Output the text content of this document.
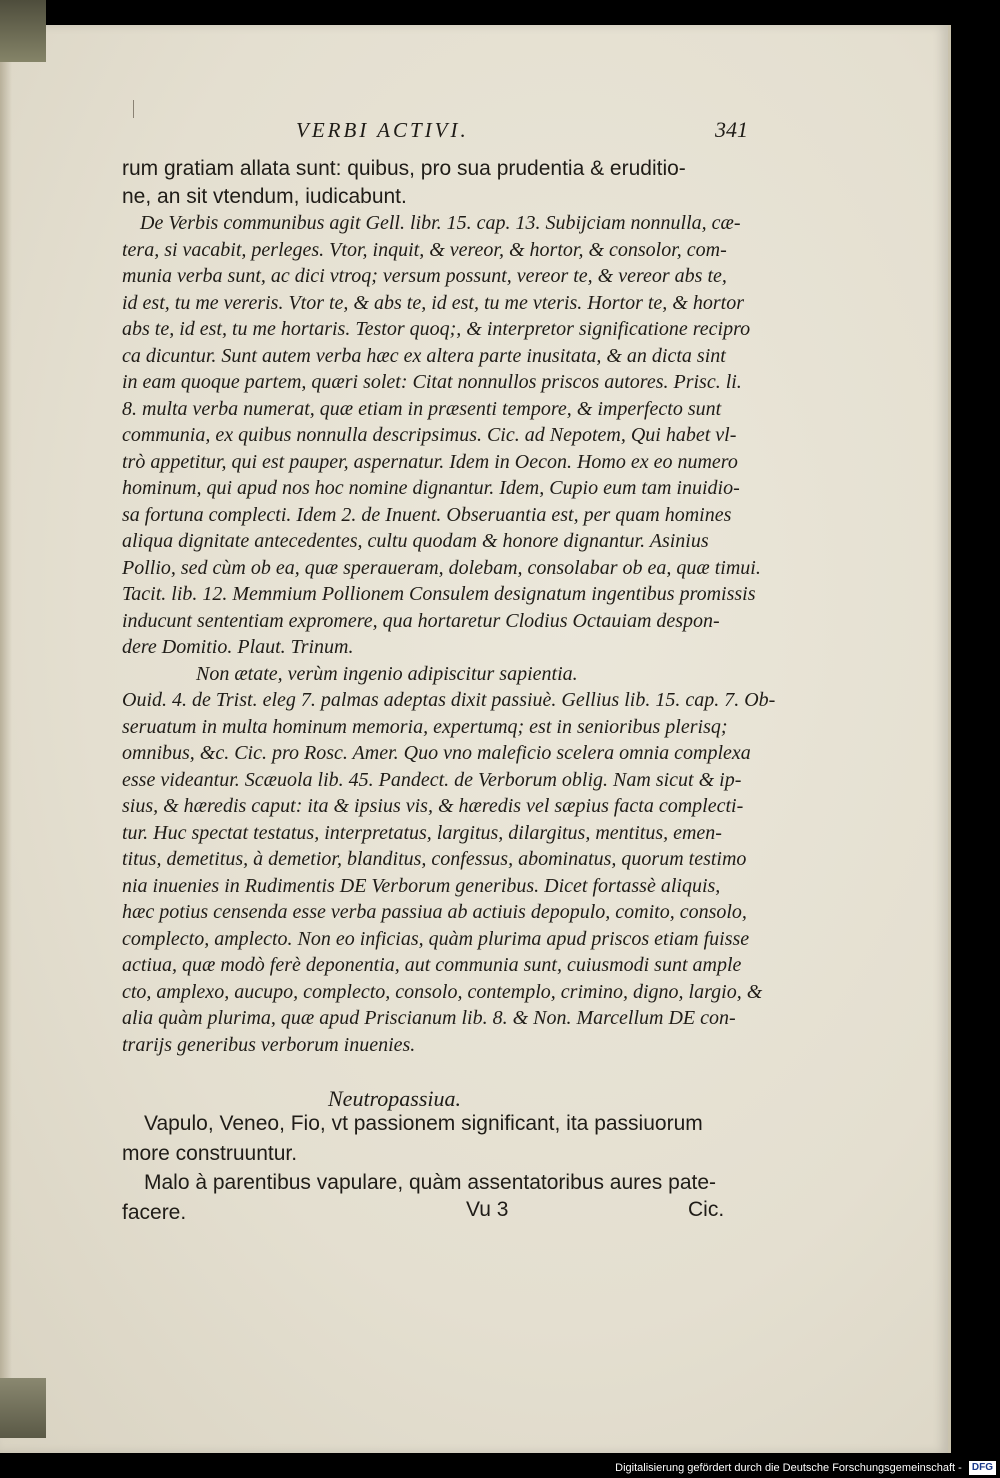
VERBI ACTIVI.	341
rum gratiam allata sunt: quibus, pro sua prudentia & eruditio-
ne, an sit vtendum, iudicabunt.
De Verbis communibus agit Gell. libr. 15. cap. 13. Subijciam nonnulla, cæ-
tera, si vacabit, perleges. Vtor, inquit, & vereor, & hortor, & consolor, com-
munia verba sunt, ac dici vtroq; versum possunt, vereor te, & vereor abs te,
id est, tu me vereris. Vtor te, & abs te, id est, tu me vteris. Hortor te, & hortor
abs te, id est, tu me hortaris. Testor quoq;, & interpretor significatione recipro
ca dicuntur. Sunt autem verba hæc ex altera parte inusitata, & an dicta sint
in eam quoque partem, quæri solet: Citat nonnullos priscos autores. Prisc. li.
8. multa verba numerat, quæ etiam in præsenti tempore, & imperfecto sunt
communia, ex quibus nonnulla descripsimus. Cic. ad Nepotem, Qui habet vl-
trò appetitur, qui est pauper, aspernatur. Idem in Oecon. Homo ex eo numero
hominum, qui apud nos hoc nomine dignantur. Idem, Cupio eum tam inuidio-
sa fortuna complecti. Idem 2. de Inuent. Obseruantia est, per quam homines
aliqua dignitate antecedentes, cultu quodam & honore dignantur. Asinius
Pollio, sed cùm ob ea, quæ speraueram, dolebam, consolabar ob ea, quæ timui.
Tacit. lib. 12. Memmium Pollionem Consulem designatum ingentibus promissis
inducunt sententiam expromere, qua hortaretur Clodius Octauiam despon-
dere Domitio. Plaut. Trinum.
Non ætate, verùm ingenio adipiscitur sapientia.
Ouid. 4. de Trist. eleg 7. palmas adeptas dixit passiuè. Gellius lib. 15. cap. 7. Ob-
seruatum in multa hominum memoria, expertumq; est in senioribus plerisq;
omnibus, &c. Cic. pro Rosc. Amer. Quo vno maleficio scelera omnia complexa
esse videantur. Scæuola lib. 45. Pandect. de Verborum oblig. Nam sicut & ip-
sius, & hæredis caput: ita & ipsius vis, & hæredis vel sæpius facta complecti-
tur. Huc spectat testatus, interpretatus, largitus, dilargitus, mentitus, emen-
titus, demetitus, à demetior, blanditus, confessus, abominatus, quorum testimo
nia inuenies in Rudimentis DE Verborum generibus. Dicet fortassè aliquis,
hæc potius censenda esse verba passiua ab actiuis depopulo, comito, consolo,
complecto, amplecto. Non eo inficias, quàm plurima apud priscos etiam fuisse
actiua, quæ modò ferè deponentia, aut communia sunt, cuiusmodi sunt ample
cto, amplexo, aucupo, complecto, consolo, contemplo, crimino, digno, largio, &
alia quàm plurima, quæ apud Priscianum lib. 8. & Non. Marcellum DE con-
trarijs generibus verborum inuenies.
Vapulo, Veneo, Fio, vt passionem significant, ita passiuorum
more construuntur.
Malo à parentibus vapulare, quàm assentatoribus aures pate-
facere.
Neutropassiua.
Vu 3	Cic.
Digitalisierung gefördert durch die Deutsche Forschungsgemeinschaft - DFG
